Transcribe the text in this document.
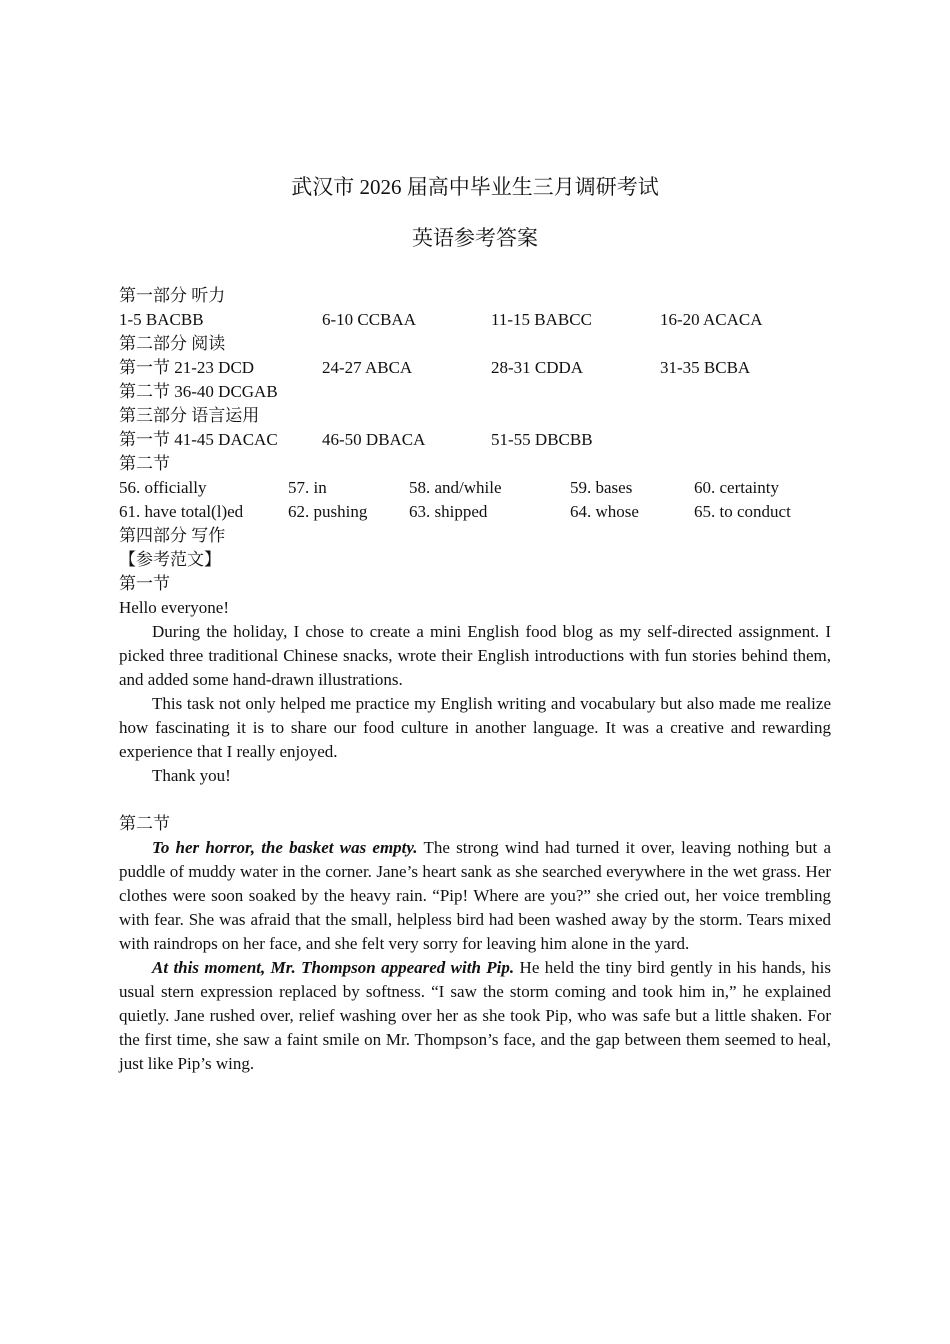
武汉市 2026 届高中毕业生三月调研考试
英语参考答案
第一部分 听力
1-5 BACBB	6-10 CCBAA	11-15 BABCC	16-20 ACACA
第二部分 阅读
第一节 21-23 DCD	24-27 ABCA	28-31 CDDA	31-35 BCBA
第二节 36-40 DCGAB
第三部分 语言运用
第一节 41-45 DACAC	46-50 DBACA	51-55 DBCBB
第二节
56. officially	57. in	58. and/while	59. bases	60. certainty
61. have total(l)ed	62. pushing 63. shipped	64. whose	65. to conduct
第四部分 写作
【参考范文】
第一节
Hello everyone!

During the holiday, I chose to create a mini English food blog as my self-directed assignment. I picked three traditional Chinese snacks, wrote their English introductions with fun stories behind them, and added some hand-drawn illustrations.

This task not only helped me practice my English writing and vocabulary but also made me realize how fascinating it is to share our food culture in another language. It was a creative and rewarding experience that I really enjoyed.

Thank you!
第二节

To her horror, the basket was empty. The strong wind had turned it over, leaving nothing but a puddle of muddy water in the corner. Jane’s heart sank as she searched everywhere in the wet grass. Her clothes were soon soaked by the heavy rain. “Pip! Where are you?” she cried out, her voice trembling with fear. She was afraid that the small, helpless bird had been washed away by the storm. Tears mixed with raindrops on her face, and she felt very sorry for leaving him alone in the yard.

At this moment, Mr. Thompson appeared with Pip. He held the tiny bird gently in his hands, his usual stern expression replaced by softness. “I saw the storm coming and took him in,” he explained quietly. Jane rushed over, relief washing over her as she took Pip, who was safe but a little shaken. For the first time, she saw a faint smile on Mr. Thompson’s face, and the gap between them seemed to heal, just like Pip’s wing.
